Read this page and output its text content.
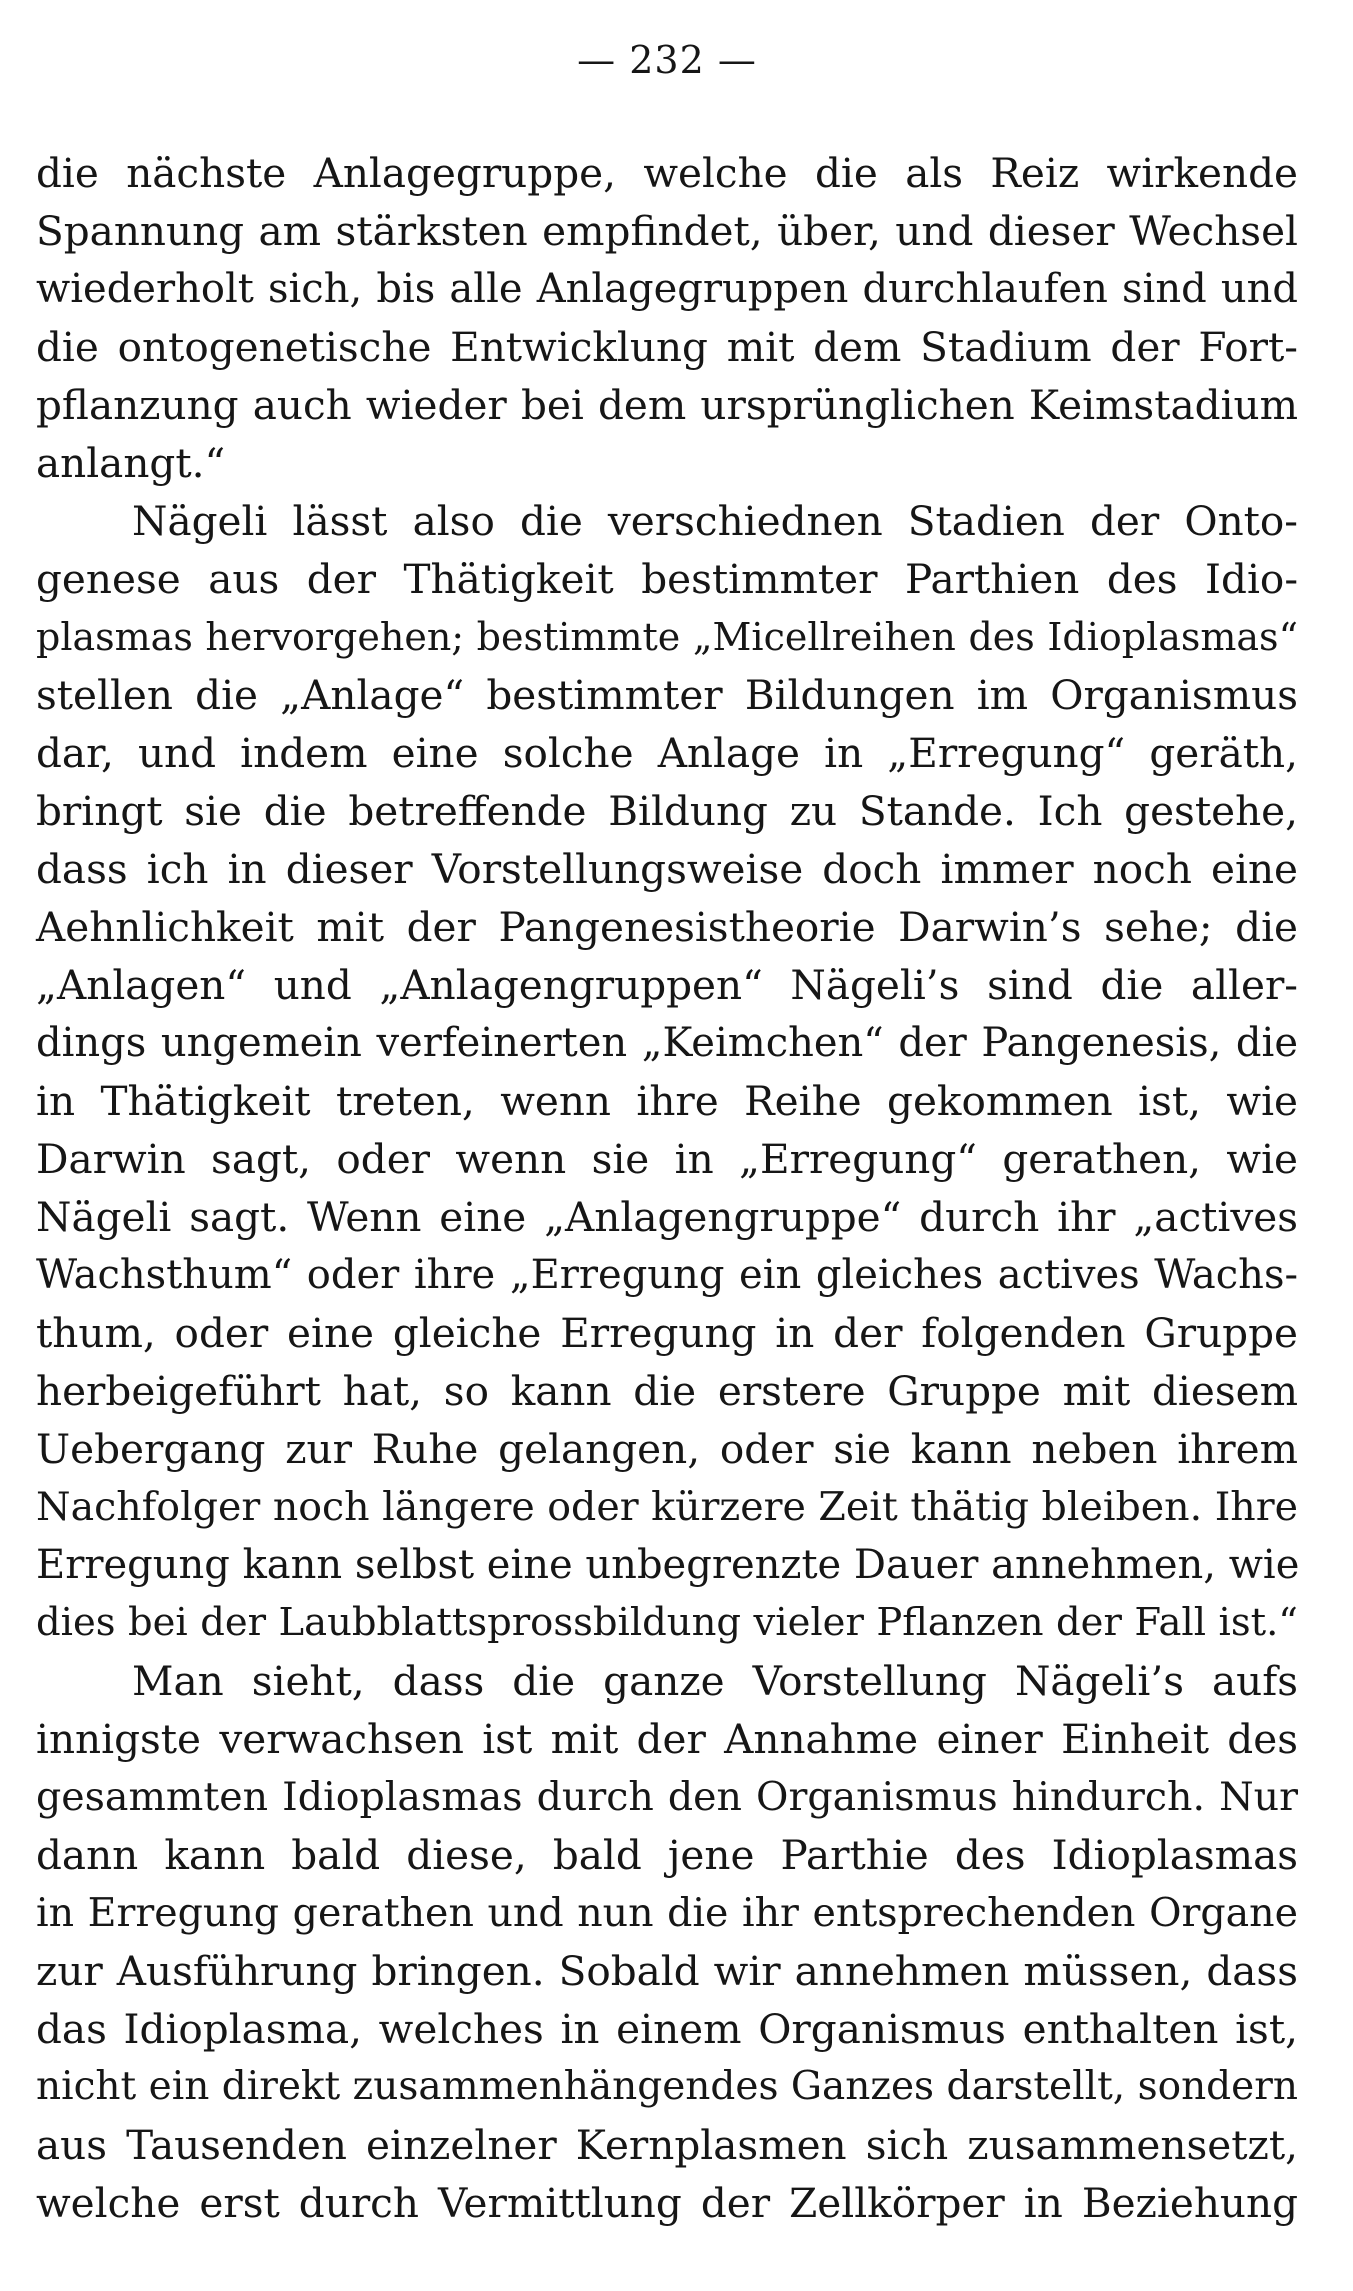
— 232 —
die nächste Anlagegruppe, welche die als Reiz wirkende
Spannung am stärksten empfindet, über, und dieser Wechsel
wiederholt sich, bis alle Anlagegruppen durchlaufen sind und
die ontogenetische Entwicklung mit dem Stadium der Fort-
pflanzung auch wieder bei dem ursprünglichen Keimstadium
anlangt.“
Nägeli lässt also die verschiednen Stadien der Onto-
genese aus der Thätigkeit bestimmter Parthien des Idio-
plasmas hervorgehen; bestimmte „Micellreihen des Idioplasmas“
stellen die „Anlage“ bestimmter Bildungen im Organismus
dar, und indem eine solche Anlage in „Erregung“ geräth,
bringt sie die betreffende Bildung zu Stande. Ich gestehe,
dass ich in dieser Vorstellungsweise doch immer noch eine
Aehnlichkeit mit der Pangenesistheorie Darwin’s sehe; die
„Anlagen“ und „Anlagengruppen“ Nägeli’s sind die aller-
dings ungemein verfeinerten „Keimchen“ der Pangenesis, die
in Thätigkeit treten, wenn ihre Reihe gekommen ist, wie
Darwin sagt, oder wenn sie in „Erregung“ gerathen, wie
Nägeli sagt. Wenn eine „Anlagengruppe“ durch ihr „actives
Wachsthum“ oder ihre „Erregung ein gleiches actives Wachs-
thum, oder eine gleiche Erregung in der folgenden Gruppe
herbeigeführt hat, so kann die erstere Gruppe mit diesem
Uebergang zur Ruhe gelangen, oder sie kann neben ihrem
Nachfolger noch längere oder kürzere Zeit thätig bleiben. Ihre
Erregung kann selbst eine unbegrenzte Dauer annehmen, wie
dies bei der Laubblattsprossbildung vieler Pflanzen der Fall ist.“
Man sieht, dass die ganze Vorstellung Nägeli’s aufs
innigste verwachsen ist mit der Annahme einer Einheit des
gesammten Idioplasmas durch den Organismus hindurch. Nur
dann kann bald diese, bald jene Parthie des Idioplasmas
in Erregung gerathen und nun die ihr entsprechenden Organe
zur Ausführung bringen. Sobald wir annehmen müssen, dass
das Idioplasma, welches in einem Organismus enthalten ist,
nicht ein direkt zusammenhängendes Ganzes darstellt, sondern
aus Tausenden einzelner Kernplasmen sich zusammensetzt,
welche erst durch Vermittlung der Zellkörper in Beziehung
